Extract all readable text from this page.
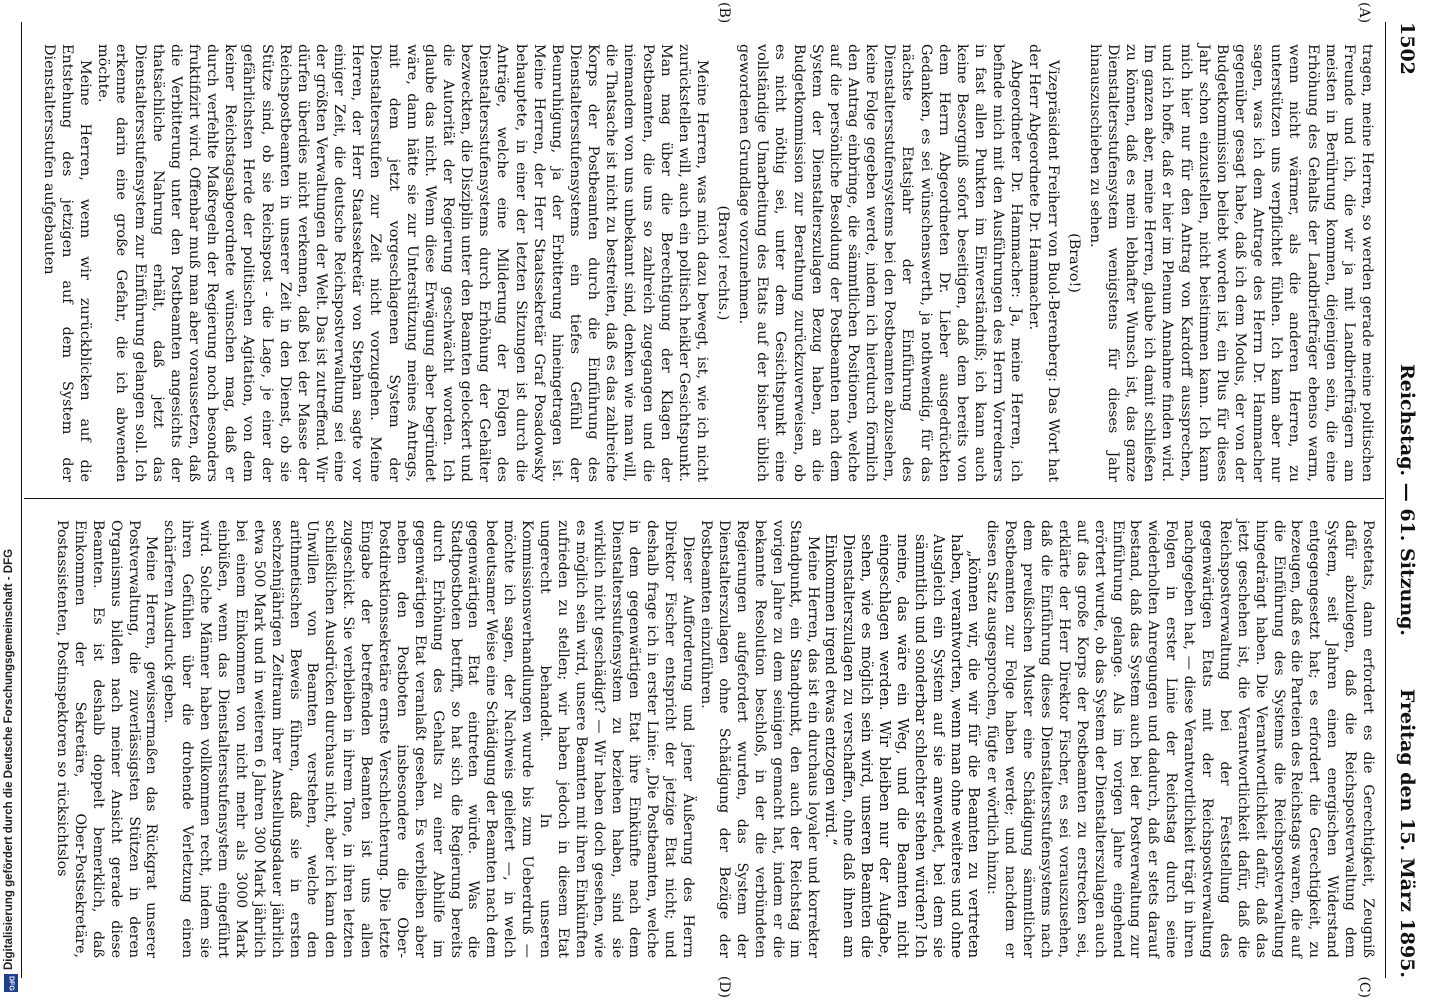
Digitalisierung gefördert durch die Deutsche Forschungsgemeinschaft - DFG
DFG
1502
Reichstag. — 61. Sitzung.
Freitag den 15. März 1895.
(A)
(B)
(C)
(D)

tragen, meine Herren, so werden gerade meine politischen Freunde und ich, die wir ja mit Landbriefträgern am meisten in Berührung kommen, diejenigen sein, die eine Erhöhung des Gehalts der Landbriefträger ebenso warm, wenn nicht wärmer, als die anderen Herren, zu unterstützen uns verpflichtet fühlen. Ich kann aber nur sagen, was ich dem Antrage des Herrn Dr. Hammacher gegenüber gesagt habe, daß ich dem Modus, der von der Budgetkommission beliebt worden ist, ein Plus für dieses Jahr schon einzustellen, nicht beistimmen kann. Ich kann mich hier nur für den Antrag von Kardorff aussprechen, und ich hoffe, daß er hier im Plenum Annahme finden wird. Im ganzen aber, meine Herren, glaube ich damit schließen zu können, daß es mein lebhafter Wunsch ist, das ganze Dienstaltersstufensystem wenigstens für dieses Jahr hinauszuschieben zu sehen.

(Bravo!)

Vizepräsident Freiherr von Buol-Berenberg: Das Wort hat der Herr Abgeordnete Dr. Hammacher.

Abgeordneter Dr. Hammacher: Ja, meine Herren, ich befinde mich mit den Ausführungen des Herrn Vorredners in fast allen Punkten im Einverständniß; ich kann auch keine Besorgniß sofort beseitigen, daß dem bereits von dem Herrn Abgeordneten Dr. Lieber ausgedrückten Gedanken, es sei wünschenswerth, ja nothwendig, für das nächste Etatsjahr der Einführung des Dienstaltersstufensystems bei den Postbeamten abzusehen, keine Folge gegeben werde, indem ich hierdurch förmlich den Antrag einbringe, die sämmtlichen Positionen, welche auf die persönliche Besoldung der Postbeamten nach dem System der Dienstalterszulagen Bezug haben, an die Budgetkommission zur Berathung zurückzuverweisen, ob es nicht nöthig sei, unter dem Gesichtspunkt eine vollständige Umarbeitung des Etats auf der bisher üblich gewordenen Grundlage vorzunehmen.

(Bravo! rechts.)

Meine Herren, was mich dazu bewegt, ist, wie ich nicht zurückstellen will, auch ein politisch heikler Gesichtspunkt. Man mag über die Berechtigung der Klagen der Postbeamten, die uns so zahlreich zugegangen und die niemandem von uns unbekannt sind, denken wie man will, die Thatsache ist nicht zu bestreiten, daß es das zahlreiche Korps der Postbeamten durch die Einführung des Dienstaltersstufensystems ein tiefes Gefühl der Beunruhigung, ja der Erbitterung hineingetragen ist. Meine Herren, der Herr Staatssekretär Graf Posadowsky behauptete, in einer der letzten Sitzungen ist durch die Anträge, welche eine Milderung der Folgen des Dienstaltersstufensystems durch Erhöhung der Gehälter bezweckten, die Disziplin unter den Beamten gelockert und die Autorität der Regierung geschwächt worden. Ich glaube das nicht. Wenn diese Erwägung aber begründet wäre, dann hätte sie zur Unterstützung meines Antrags, mit dem jetzt vorgeschlagenen System der Dienstaltersstufen zur Zeit nicht vorzugehen. Meine Herren, der Herr Staatssekretär von Stephan sagte vor einiger Zeit, die deutsche Reichspostverwaltung sei eine der größten Verwaltungen der Welt. Das ist zutreffend. Wir dürfen überdies nicht verkennen, daß bei der Masse der Reichspostbeamten in unserer Zeit in den Dienst, ob sie Stütze sind, ob sie Reichspost - die Lage, je einer der gefährlichsten Herde der politischen Agitation, von dem keiner Reichstagsabgeordnete wünschen mag, daß er durch verfehlte Maßregeln der Regierung noch besonders fruktifizirt wird. Offenbar muß man aber voraussetzen, daß die Verbitterung unter den Postbeamten angesichts der thatsächliche Nahrung erhält, daß jetzt das Dienstaltersstufensystem zur Einführung gelangen soll. Ich erkenne darin eine große Gefahr, die ich abwenden möchte.

Meine Herren, wenn wir zurückblicken auf die Entstehung des jetzigen auf dem System der Dienstaltersstufen aufgebauten

Postetats, dann erfordert es die Gerechtigkeit, Zeugniß dafür abzulegen, daß die Reichspostverwaltung dem System, seit Jahren einen energischen Widerstand entgegengesetzt hat; es erfordert die Gerechtigkeit, zu bezeugen, daß es die Parteien des Reichstags waren, die auf die Einführung des Systems die Reichspostverwaltung hingedrängt haben. Die Verantwortlichkeit dafür, daß das jetzt geschehen ist, die Verantwortlichkeit dafür, daß die Reichspostverwaltung bei der Feststellung des gegenwärtigen Etats mit der Reichspostverwaltung nachgegeben hat, — diese Verantwortlichkeit trägt in ihren Folgen in erster Linie der Reichstag durch seine wiederholten Anregungen und dadurch, daß er stets darauf bestand, daß das System auch bei der Postverwaltung zur Einführung gelange. Als im vorigen Jahre eingehend erörtert wurde, ob das System der Dienstalterszulagen auch auf das große Korps der Postbeamten zu erstrecken sei, erklärte der Herr Direktor Fischer, es sei vorauszusehen, daß die Einführung dieses Dienstaltersstufensystems nach dem preußischen Muster eine Schädigung sämmtlicher Postbeamten zur Folge haben werde; und nachdem er diesen Satz ausgesprochen, fügte er wörtlich hinzu:

„können wir, die wir für die Beamten zu vertreten haben, verantworten, wenn man ohne weiteres und ohne Ausgleich ein System auf sie anwendet, bei dem sie sämmtlich und sonderbar schlechter stehen würden? Ich meine, das wäre ein Weg, und die Beamten nicht eingeschlagen werden. Wir bleiben nur der Aufgabe, sehen, wie es möglich sein wird, unseren Beamten die Dienstalterszulagen zu verschaffen, ohne daß ihnen am Einkommen irgend etwas entzogen wird.“

Meine Herren, das ist ein durchaus loyaler und korrekter Standpunkt, ein Standpunkt, den auch der Reichstag im vorigen Jahre zu dem seinigen gemacht hat, indem er die bekannte Resolution beschloß, in der die verbündeten Regierungen aufgefordert wurden, das System der Dienstalterszulagen ohne Schädigung der Bezüge der Postbeamten einzuführen.

Dieser Aufforderung und jener Äußerung des Herrn Direktor Fischer entspricht der jetzige Etat nicht; und deshalb frage ich in erster Linie: „Die Postbeamten, welche in dem gegenwärtigen Etat ihre Einkünfte nach dem Dienstaltersstufensystem zu beziehen haben, sind sie wirklich nicht geschädigt? — Wir haben doch gesehen, wie es möglich sein wird, unsere Beamten mit ihren Einkünften zufrieden zu stellen; wir haben jedoch in diesem Etat ungerecht behandelt. In unseren Kommissionsverhandlungen wurde bis zum Ueberdruß — möchte ich sagen, der Nachweis geliefert —, in welch bedeutsamer Weise eine Schädigung der Beamten nach dem gegenwärtigen Etat eintreten würde. Was die Stadtpostboten betrifft, so hat sich die Regierung bereits durch Erhöhung des Gehalts zu einer Abhilfe im gegenwärtigen Etat veranlaßt gesehen. Es verbleiben aber neben den Postboten insbesondere die Ober-Postdirektionssekretäre ernste Verschlechterung. Die letzte Eingabe der betreffenden Beamten ist uns allen zugeschickt. Sie verbleiben in ihrem Tone, in ihren letzten schließlichen Ausdrücken durchaus nicht, aber ich kann den Unwillen von Beamten verstehen, welche den arithmetischen Beweis führen, daß sie in ersten sechzehnjährigen Zeitraum ihrer Anstellungsdauer jährlich etwa 500 Mark und in weiteren 6 Jahren 300 Mark jährlich bei einem Einkommen von nicht mehr als 3000 Mark einbüßen, wenn das Dienstaltersstufensystem eingeführt wird. Solche Männer haben vollkommen recht, indem sie ihren Gefühlen über die drohende Verletzung einen schärferen Ausdruck geben.

Meine Herren, gewissermaßen das Rückgrat unserer Postverwaltung, die zuverlässigsten Stützen in deren Organismus bilden nach meiner Ansicht gerade diese Beamten. Es ist deshalb doppelt bemerklich, daß Einkommen der Sekretäre, Ober-Postsekretäre, Postassistenten, Postinspektoren so rücksichtslos
